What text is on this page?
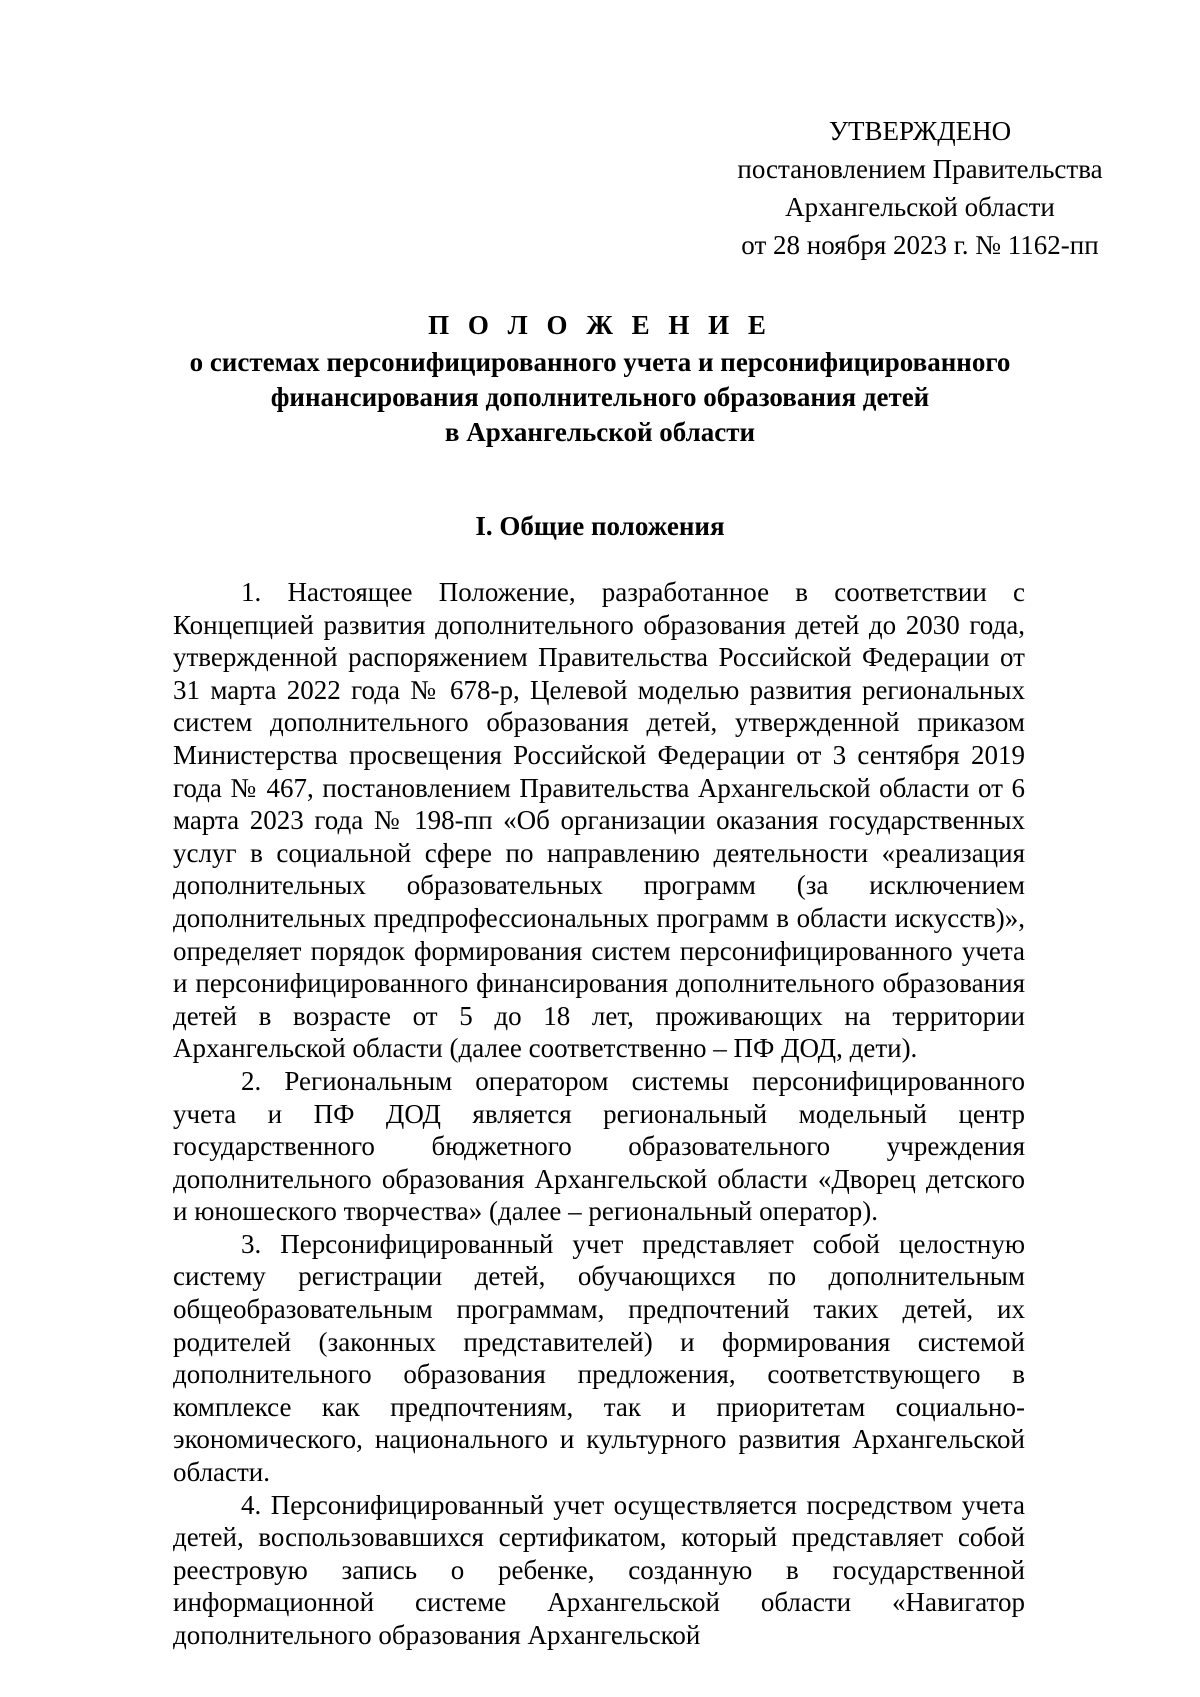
УТВЕРЖДЕНО
постановлением Правительства
Архангельской области
от 28 ноября 2023 г. № 1162-пп
П О Л О Ж Е Н И Е
о системах персонифицированного учета и персонифицированного
финансирования дополнительного образования детей
в Архангельской области
I. Общие положения

1. Настоящее Положение, разработанное в соответствии с Концепцией развития дополнительного образования детей до 2030 года, утвержденной распоряжением Правительства Российской Федерации от 31 марта 2022 года № 678-р, Целевой моделью развития региональных систем дополнительного образования детей, утвержденной приказом Министерства просвещения Российской Федерации от 3 сентября 2019 года № 467, постановлением Правительства Архангельской области от 6 марта 2023 года № 198-пп «Об организации оказания государственных услуг в социальной сфере по направлению деятельности «реализация дополнительных образовательных программ (за исключением дополнительных предпрофессиональных программ в области искусств)», определяет порядок формирования систем персонифицированного учета и персонифицированного финансирования дополнительного образования детей в возрасте от 5 до 18 лет, проживающих на территории Архангельской области (далее соответственно – ПФ ДОД, дети).

2. Региональным оператором системы персонифицированного учета и ПФ ДОД является региональный модельный центр государственного бюджетного образовательного учреждения дополнительного образования Архангельской области «Дворец детского и юношеского творчества» (далее – региональный оператор).

3. Персонифицированный учет представляет собой целостную систему регистрации детей, обучающихся по дополнительным общеобразовательным программам, предпочтений таких детей, их родителей (законных представителей) и формирования системой дополнительного образования предложения, соответствующего в комплексе как предпочтениям, так и приоритетам социально-экономического, национального и культурного развития Архангельской области.

4. Персонифицированный учет осуществляется посредством учета детей, воспользовавшихся сертификатом, который представляет собой реестровую запись о ребенке, созданную в государственной информационной системе Архангельской области «Навигатор дополнительного образования Архангельской
